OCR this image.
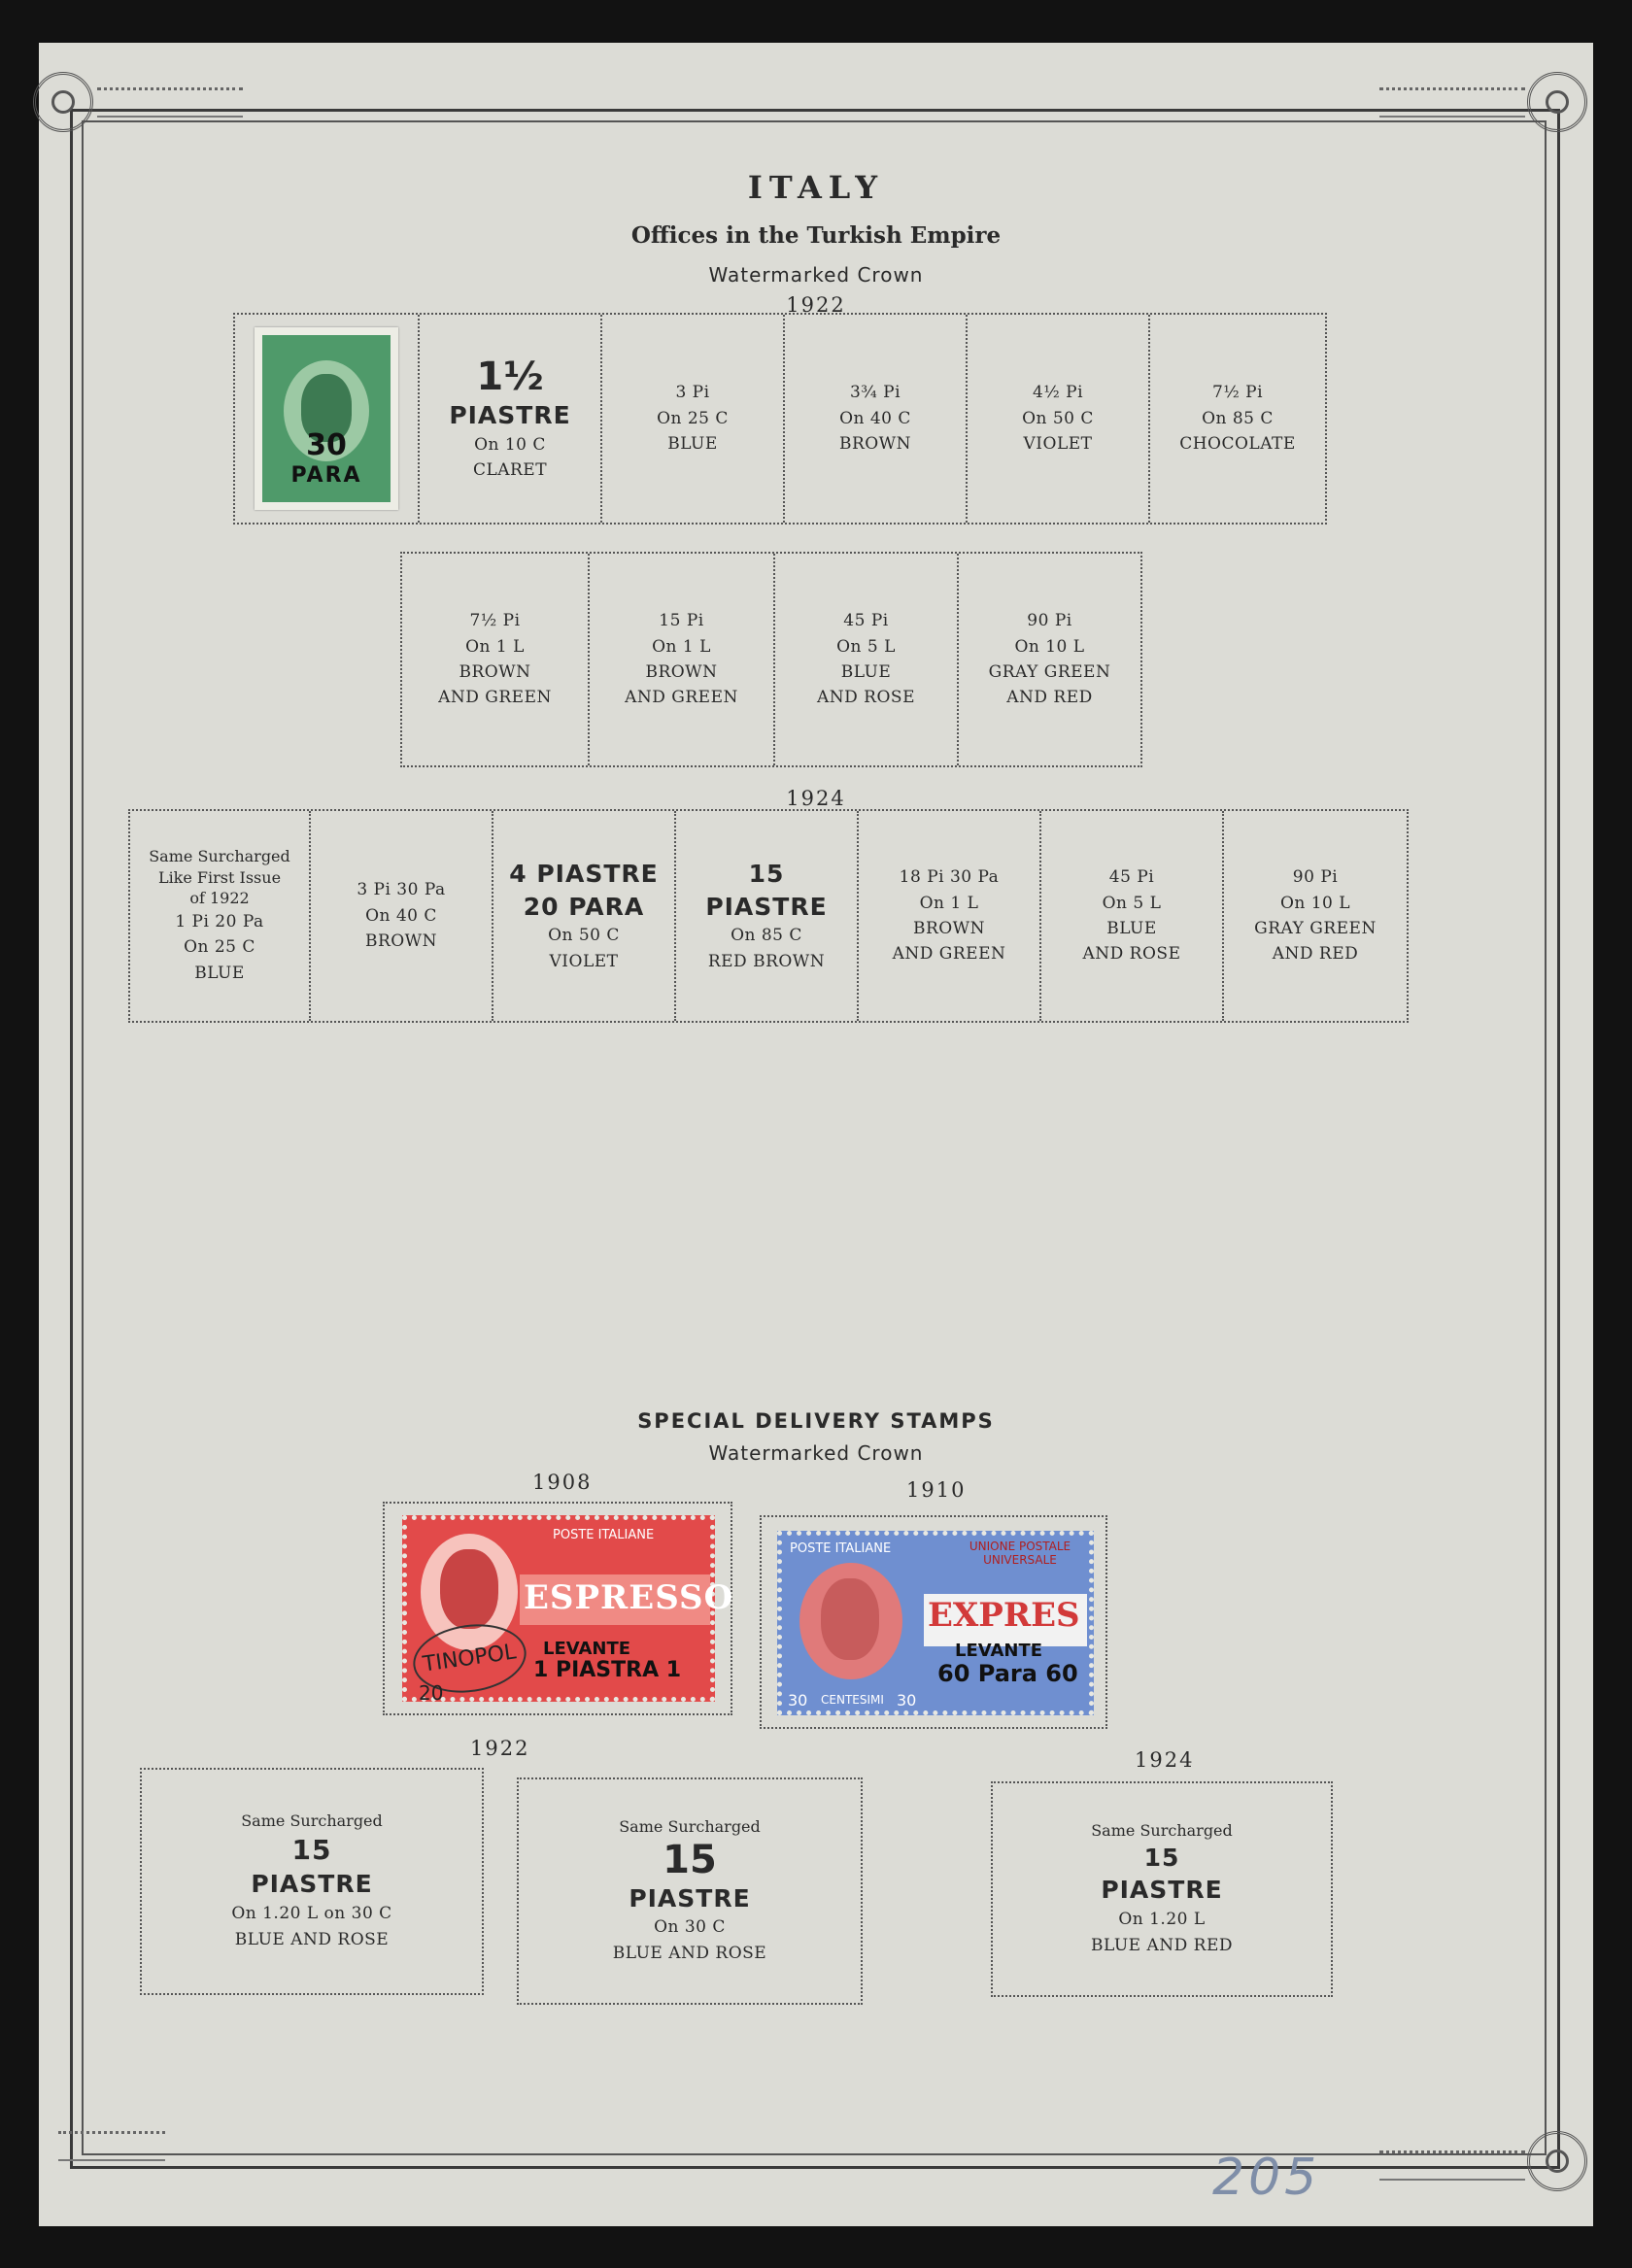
ITALY
Offices in the Turkish Empire
Watermarked Crown
1922
30
PARA
1½
PIASTRE
On 10 C
CLARET
3 Pi
On 25 C
BLUE
3¾ Pi
On 40 C
BROWN
4½ Pi
On 50 C
VIOLET
7½ Pi
On 85 C
CHOCOLATE
7½ Pi
On 1 L
BROWN
AND GREEN
15 Pi
On 1 L
BROWN
AND GREEN
45 Pi
On 5 L
BLUE
AND ROSE
90 Pi
On 10 L
GRAY GREEN
AND RED
1924
Same Surcharged
Like First Issue
of 1922
1 Pi 20 Pa
On 25 C
BLUE
3 Pi 30 Pa
On 40 C
BROWN
4 PIASTRE
20 PARA
On 50 C
VIOLET
15
PIASTRE
On 85 C
RED BROWN
18 Pi 30 Pa
On 1 L
BROWN
AND GREEN
45 Pi
On 5 L
BLUE
AND ROSE
90 Pi
On 10 L
GRAY GREEN
AND RED
SPECIAL DELIVERY STAMPS
Watermarked Crown
1908	1910
POSTE ITALIANE
ESPRESSO
LEVANTE
1 PIASTRA 1
TINOPOL
20
POSTE ITALIANE	UNIONE POSTALE UNIVERSALE
EXPRES
LEVANTE
60 Para 60
30 CENTESIMI 30
1922	1924
Same Surcharged
15
PIASTRE
On 1.20 L on 30 C
BLUE AND ROSE
Same Surcharged
15
PIASTRE
On 30 C
BLUE AND ROSE
Same Surcharged
15
PIASTRE
On 1.20 L
BLUE AND RED
205
